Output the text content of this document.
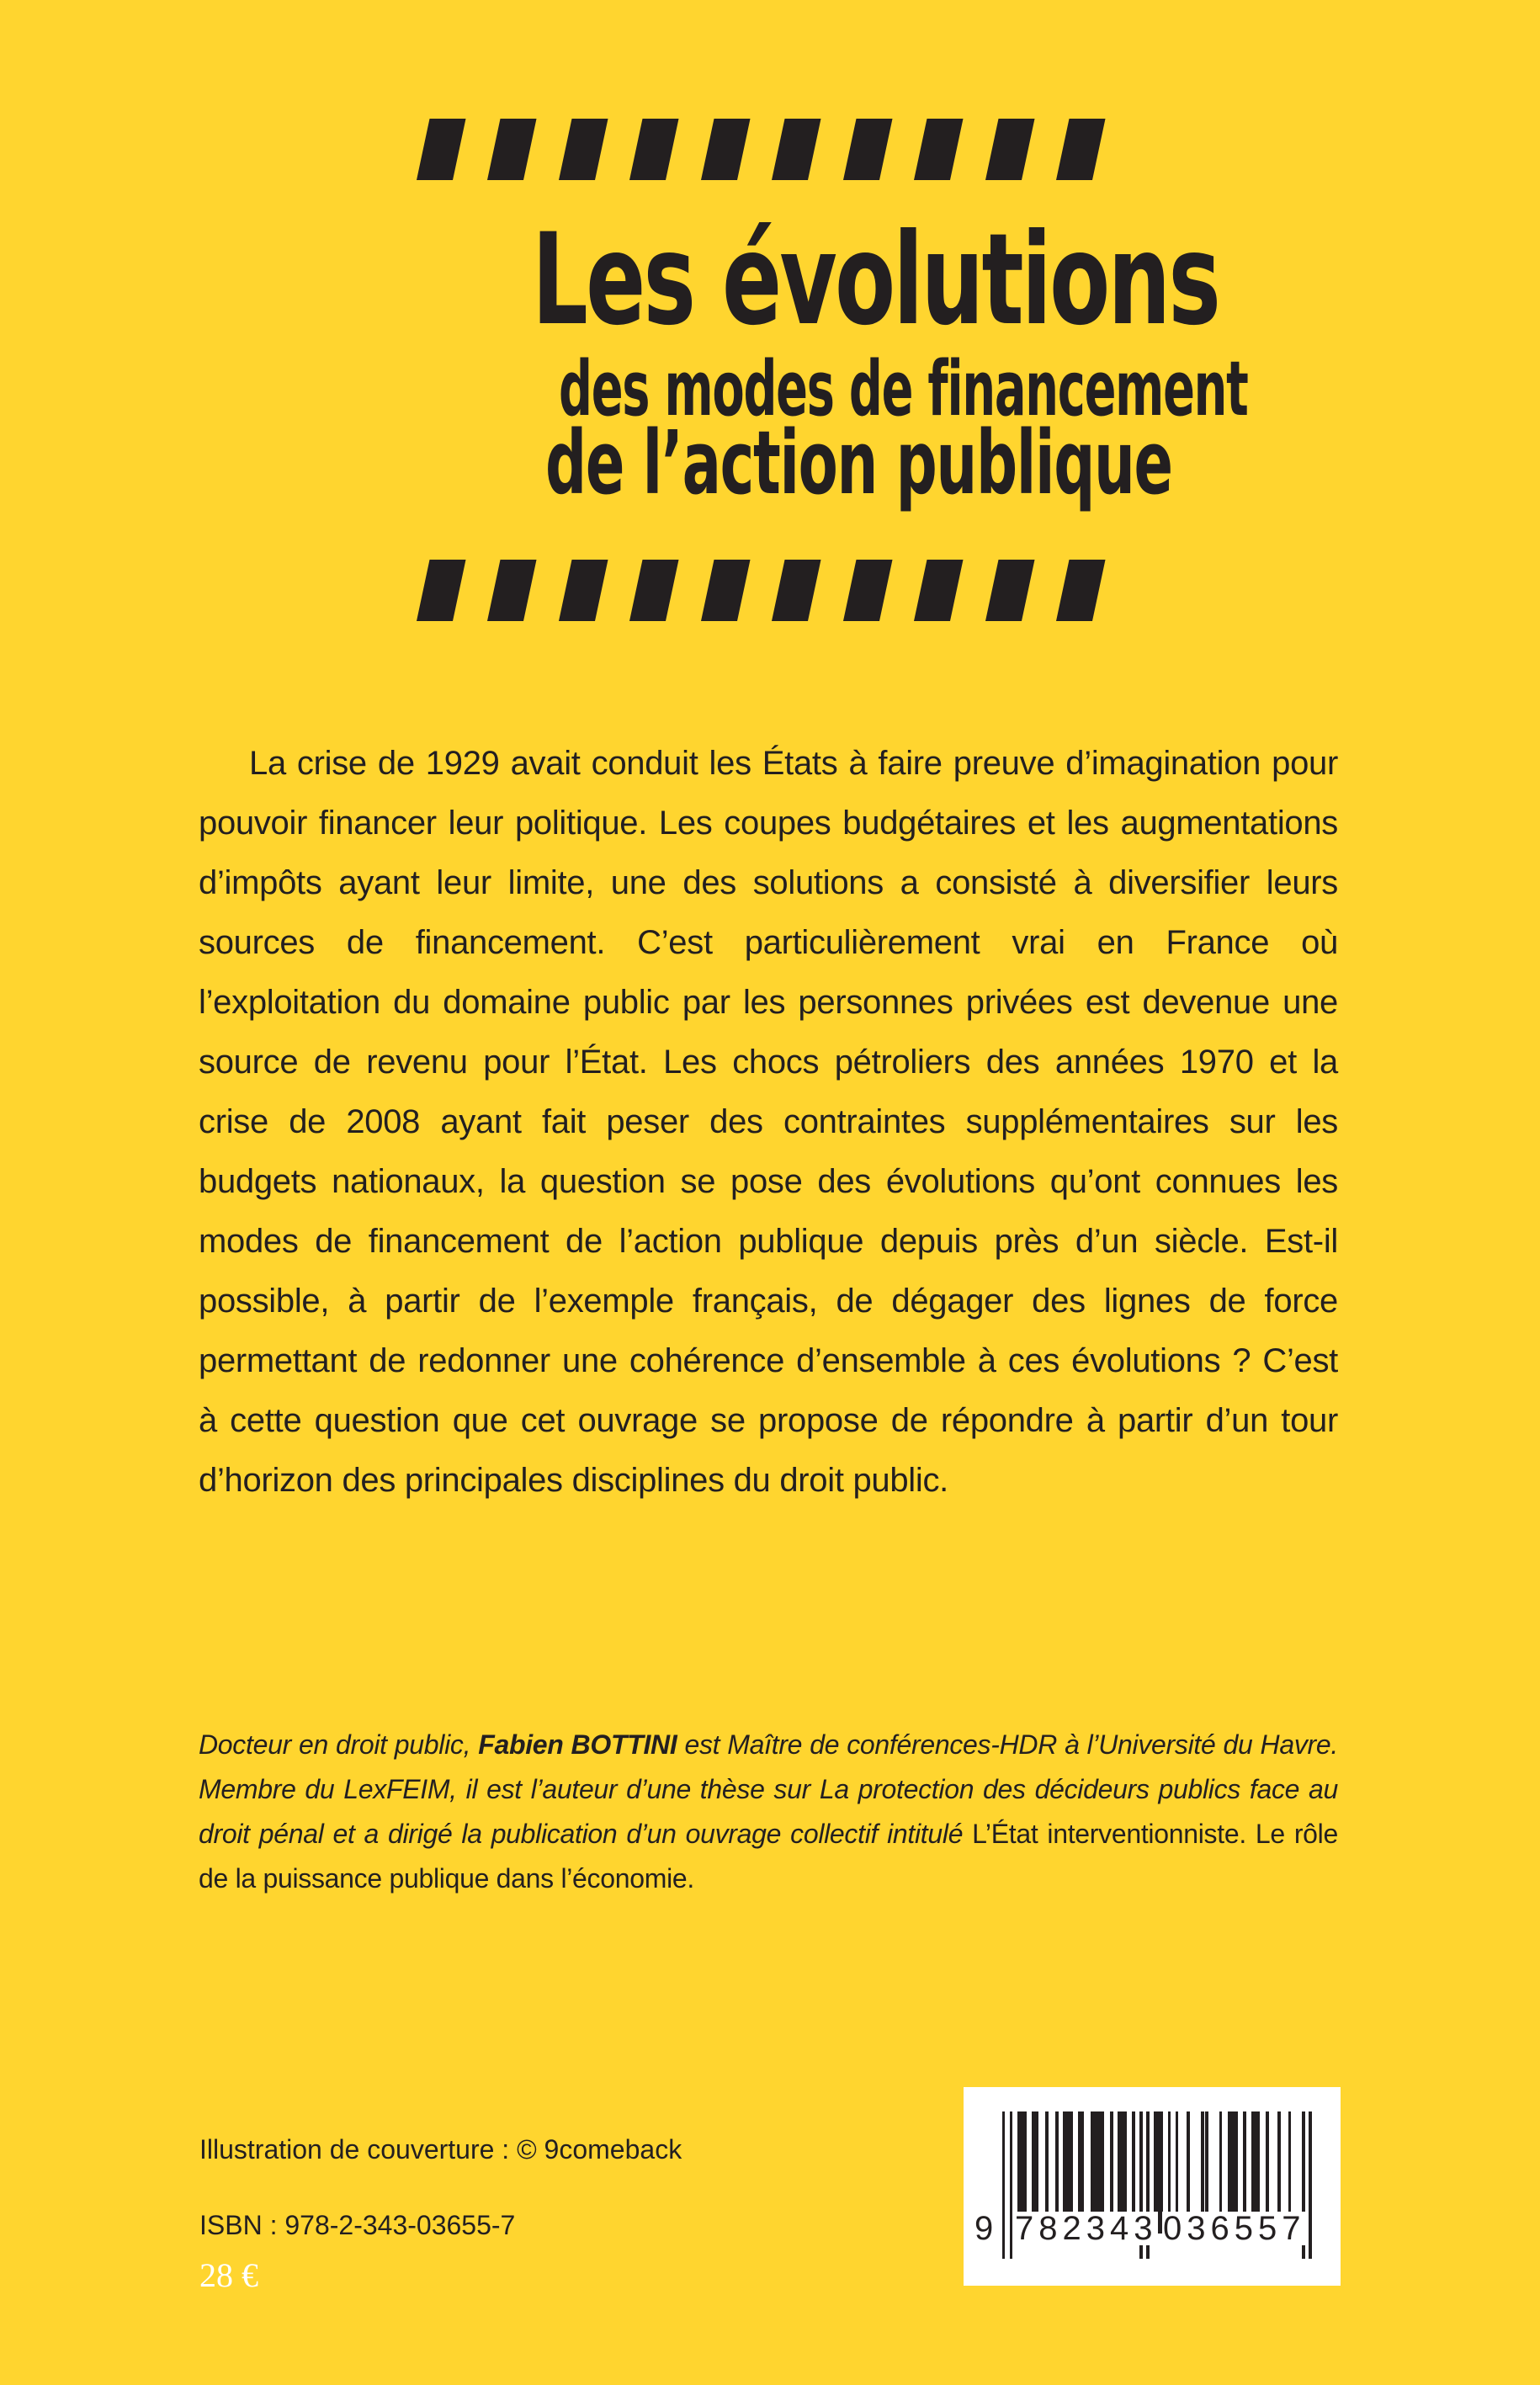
Les évolutions
des modes de financement
de l’action publique

La crise de 1929 avait conduit les États à faire preuve d’imagination pour pouvoir financer leur politique. Les coupes budgétaires et les augmentations d’impôts ayant leur limite, une des solutions a consisté à diversifier leurs sources de financement. C’est particulièrement vrai en France où l’exploitation du domaine public par les personnes privées est devenue une source de revenu pour l’État. Les chocs pétroliers des années 1970 et la crise de 2008 ayant fait peser des contraintes supplémentaires sur les budgets nationaux, la question se pose des évolutions qu’ont connues les modes de financement de l’action publique depuis près d’un siècle. Est-il possible, à partir de l’exemple français, de dégager des lignes de force permettant de redonner une cohérence d’ensemble à ces évolutions ? C’est à cette question que cet ouvrage se propose de répondre à partir d’un tour d’horizon des principales disciplines du droit public.

Docteur en droit public, Fabien BOTTINI est Maître de conférences-HDR à l’Université du Havre. Membre du LexFEIM, il est l’auteur d’une thèse sur La protection des décideurs publics face au droit pénal et a dirigé la publication d’un ouvrage collectif intitulé L’État interventionniste. Le rôle de la puissance publique dans l’économie.

Illustration de couverture : © 9comeback
ISBN : 978-2-343-03655-7
28 €
9 782343 036557
